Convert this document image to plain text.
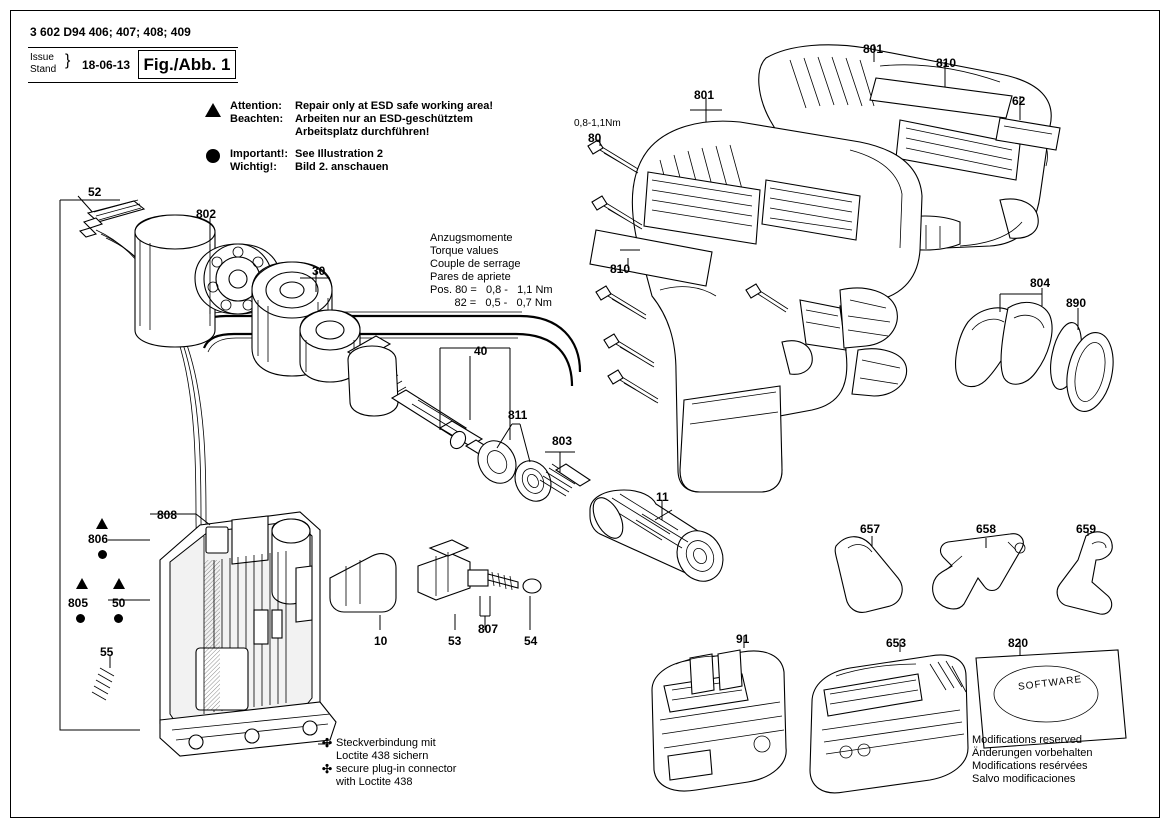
3 602 D94 406; 407; 408; 409
Issue
Stand
} 18-06-13 Fig./Abb. 1
Attention: Repair only at ESD safe working area!
Beachten: Arbeiten nur an ESD-geschütztem
Arbeitsplatz durchführen!
Important!: See Illustration 2
Wichtig!: Bild 2. anschauen
Anzugsmomente
Torque values
Couple de serrage
Pares de apriete
Pos. 80 =   0,8 -   1,1 Nm
82 =   0,5 -   0,7 Nm
52
802
30
40
811
803
11
808
806
805 50
55
10	53
807
54
0,8-1,1Nm
80
810
801
801
810
62
804
890
657	658	659
91	653	820
SOFTWARE
✣ Steckverbindung mit
Loctite 438 sichern
✣ secure plug-in connector
with Loctite 438
Modifications reserved
Änderungen vorbehalten
Modifications resérvées
Salvo modificaciones
